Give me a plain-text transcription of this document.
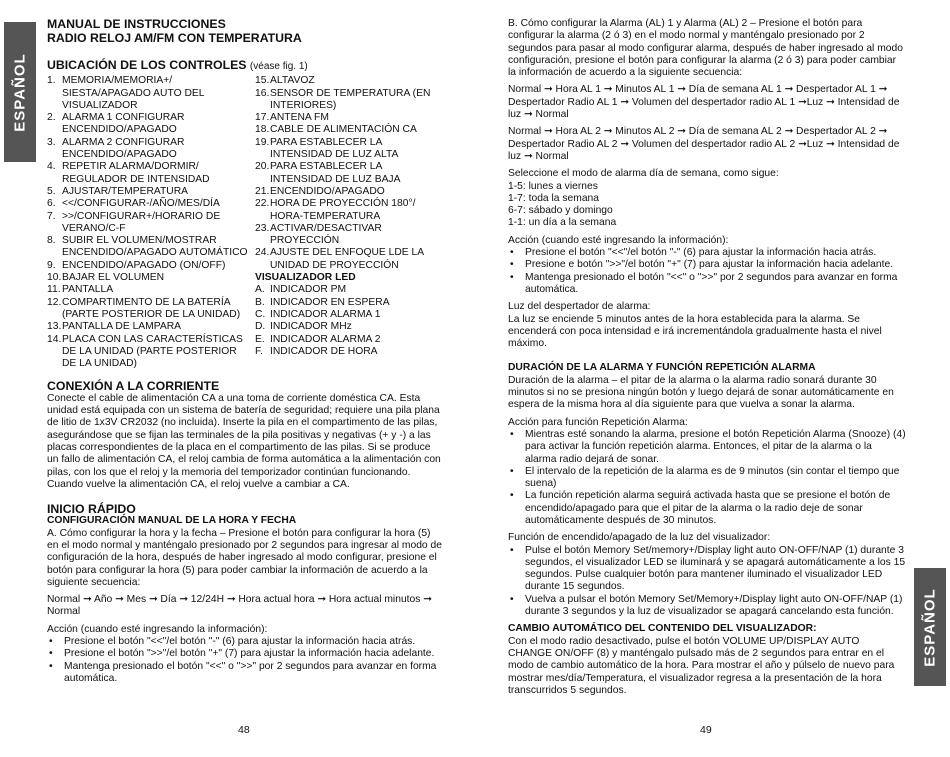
ESPAÑOL
ESPAÑOL
MANUAL DE INSTRUCCIONES
RADIO RELOJ AM/FM CON TEMPERATURA
UBICACIÓN DE LOS CONTROLES (véase fig. 1)
1. MEMORIA/MEMORIA+/ SIESTA/APAGADO AUTO DEL VISUALIZADOR
2. ALARMA 1 CONFIGURAR ENCENDIDO/APAGADO
3. ALARMA 2 CONFIGURAR ENCENDIDO/APAGADO
4. REPETIR ALARMA/DORMIR/ REGULADOR DE INTENSIDAD
5. AJUSTAR/TEMPERATURA
6. <</CONFIGURAR-/AÑO/MES/DÍA
7. >>/CONFIGURAR+/HORARIO DE VERANO/C-F
8. SUBIR EL VOLUMEN/MOSTRAR ENCENDIDO/APAGADO AUTOMÁTICO
9. ENCENDIDO/APAGADO (ON/OFF)
10. BAJAR EL VOLUMEN
11. PANTALLA
12. COMPARTIMENTO DE LA BATERÍA (PARTE POSTERIOR DE LA UNIDAD)
13. PANTALLA DE LAMPARA
14. PLACA CON LAS CARACTERÍSTICAS DE LA UNIDAD (PARTE POSTERIOR DE LA UNIDAD)
15. ALTAVOZ
16. SENSOR DE TEMPERATURA (EN INTERIORES)
17. ANTENA FM
18. CABLE DE ALIMENTACIÓN CA
19. PARA ESTABLECER LA INTENSIDAD DE LUZ ALTA
20. PARA ESTABLECER LA INTENSIDAD DE LUZ BAJA
21. ENCENDIDO/APAGADO
22. HORA DE PROYECCIÓN 180°/ HORA-TEMPERATURA
23. ACTIVAR/DESACTIVAR PROYECCIÓN
24. AJUSTE DEL ENFOQUE LDE LA UNIDAD DE PROYECCIÓN
VISUALIZADOR LED
A. INDICADOR PM
B. INDICADOR EN ESPERA
C. INDICADOR ALARMA 1
D. INDICADOR MHz
E. INDICADOR ALARMA 2
F. INDICADOR DE HORA
CONEXIÓN A LA CORRIENTE

Conecte el cable de alimentación CA a una toma de corriente doméstica CA. Esta unidad está equipada con un sistema de batería de seguridad; requiere una pila plana de litio de 1x3V CR2032 (no incluida). Inserte la pila en el compartimento de las pilas, asegurándose que se fijan las terminales de la pila positivas y negativas (+ y -) a las placas correspondientes de la placa en el compartimento de las pilas. Si se produce un fallo de alimentación CA, el reloj cambia de forma automática a la alimentación con pilas, con los que el reloj y la memoria del temporizador continúan funcionando. Cuando vuelve la alimentación CA, el reloj vuelve a cambiar a CA.

INICIO RÁPIDO
CONFIGURACIÓN MANUAL DE LA HORA Y FECHA

A. Cómo configurar la hora y la fecha – Presione el botón para configurar la hora (5) en el modo normal y manténgalo presionado por 2 segundos para ingresar al modo de configuración de la hora, después de haber ingresado al modo configurar, presione el botón para configurar la hora (5) para poder cambiar la información de acuerdo a la siguiente secuencia:

Normal ➞ Año ➞ Mes ➞ Día ➞ 12/24H ➞ Hora actual hora ➞ Hora actual minutos ➞ Normal

Acción (cuando esté ingresando la información):
•	Presione el botón "<<"/el botón "-" (6) para ajustar la información hacia atrás.
•	Presione el botón ">>"/el botón "+" (7) para ajustar la información hacia adelante.
•	Mantenga presionado el botón "<<" o ">>" por 2 segundos para avanzar en forma automática.

B. Cómo configurar la Alarma (AL) 1 y Alarma (AL) 2 – Presione el botón para configurar la alarma (2 ó 3) en el modo normal y manténgalo presionado por 2 segundos para pasar al modo configurar alarma, después de haber ingresado al modo configuración, presione el botón para configurar la alarma (2 ó 3) para poder cambiar la información de acuerdo a la siguiente secuencia:

Normal ➞ Hora AL 1 ➞ Minutos AL 1 ➞ Día de semana AL 1 ➞ Despertador AL 1 ➞ Despertador Radio AL 1 ➞ Volumen del despertador radio AL 1 ➞Luz ➞ Intensidad de luz ➞ Normal

Normal ➞ Hora AL 2 ➞ Minutos AL 2 ➞ Día de semana AL 2 ➞ Despertador AL 2 ➞ Despertador Radio AL 2 ➞ Volumen del despertador radio AL 2 ➞Luz ➞ Intensidad de luz ➞ Normal

Seleccione el modo de alarma día de semana, como sigue:
1-5: lunes a viernes
1-7: toda la semana
6-7: sábado y domingo
1-1: un día a la semana
Acción (cuando esté ingresando la información):
•	Presione el botón "<<"/el botón "-" (6) para ajustar la información hacia atrás.
•	Presione e botón ">>"/el botón "+" (7) para ajustar la información hacia adelante.
•	Mantenga presionado el botón "<<" o ">>" por 2 segundos para avanzar en forma automática.
Luz del despertador de alarma:

La luz se enciende 5 minutos antes de la hora establecida para la alarma. Se encenderá con poca intensidad e irá incrementándola gradualmente hasta el nivel máximo.

DURACIÓN DE LA ALARMA Y FUNCIÓN REPETICIÓN ALARMA

Duración de la alarma – el pitar de la alarma o la alarma radio sonará durante 30 minutos si no se presiona ningún botón y luego dejará de sonar automáticamente en espera de la misma hora al día siguiente para que vuelva a sonar la alarma.

Acción para función Repetición Alarma:
•	Mientras esté sonando la alarma, presione el botón Repetición Alarma (Snooze) (4) para activar la función repetición alarma. Entonces, el pitar de la alarma o la alarma radio dejará de sonar.
•	El intervalo de la repetición de la alarma es de 9 minutos (sin contar el tiempo que suena)
•	La función repetición alarma seguirá activada hasta que se presione el botón de encendido/apagado para que el pitar de la alarma o la radio deje de sonar automáticamente después de 30 minutos.
Función de encendido/apagado de la luz del visualizador:
•	Pulse el botón Memory Set/memory+/Display light auto ON-OFF/NAP (1) durante 3 segundos, el visualizador LED se iluminará y se apagará automáticamente a los 15 segundos. Pulse cualquier botón para mantener iluminado el visualizador LED durante 15 segundos.
•	Vuelva a pulsar el botón Memory Set/Memory+/Display light auto ON-OFF/NAP (1) durante 3 segundos y la luz de visualizador se apagará cancelando esta función.
CAMBIO AUTOMÁTICO DEL CONTENIDO DEL VISUALIZADOR:

Con el modo radio desactivado, pulse el botón VOLUME UP/DISPLAY AUTO CHANGE ON/OFF (8) y manténgalo pulsado más de 2 segundos para entrar en el modo de cambio automático de la hora. Para mostrar el año y púlselo de nuevo para mostrar mes/día/Temperatura, el visualizador regresa a la presentación de la hora transcurridos 5 segundos.

48	49
